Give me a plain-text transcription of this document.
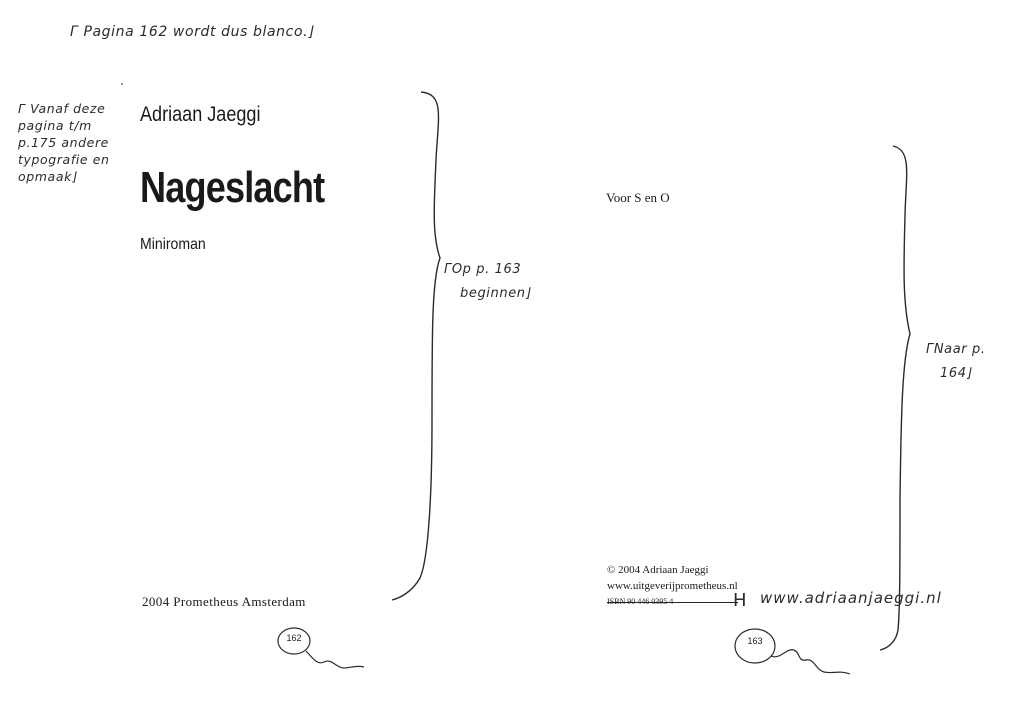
Γ Pagina 162 wordt dus blanco.⌋
Γ Vanaf deze
pagina t/m
p.175 andere
typografie en
opmaak⌋
Adriaan Jaeggi
Nageslacht
Miniroman
ΓOp p. 163
beginnen⌋
2004 Prometheus Amsterdam
162
Voor S en O
ΓNaar p.
164⌋
© 2004 Adriaan Jaeggi
www.uitgeverijprometheus.nl
ISBN 90 446 0395 4	H www.adriaanjaeggi.nl
163
